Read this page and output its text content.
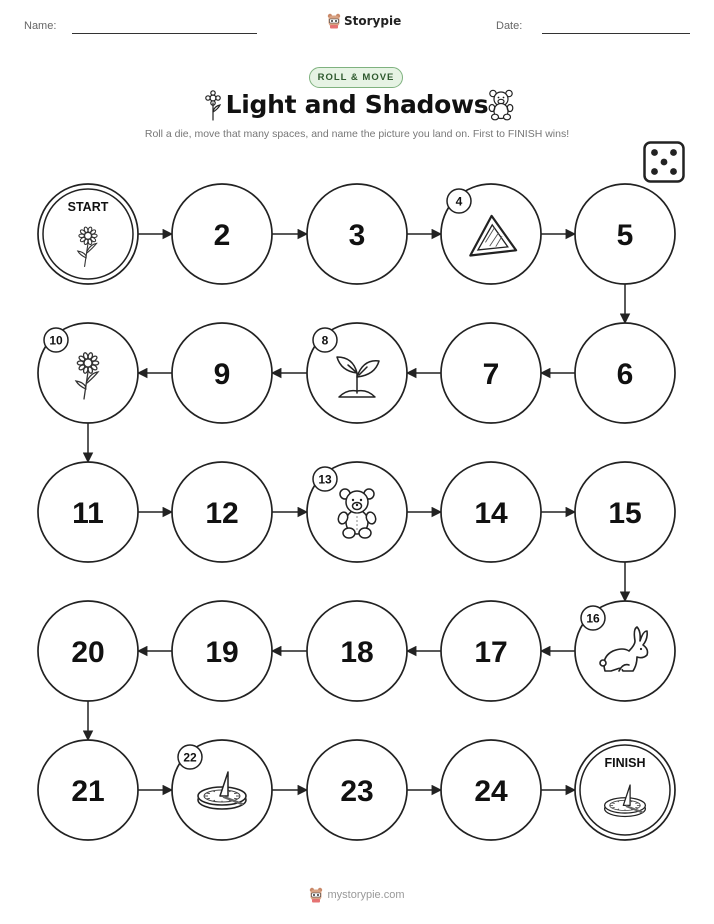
Name:	Storypie	Date:
ROLL & MOVE
Light and Shadows
Roll a die, move that many spaces, and name the picture you land on. First to FINISH wins!
START
2	3
4
5
6
7
8
9
10
11	12
13
14	15
16
17
18
19
20
21
22
23	24
FINISH
mystorypie.com
